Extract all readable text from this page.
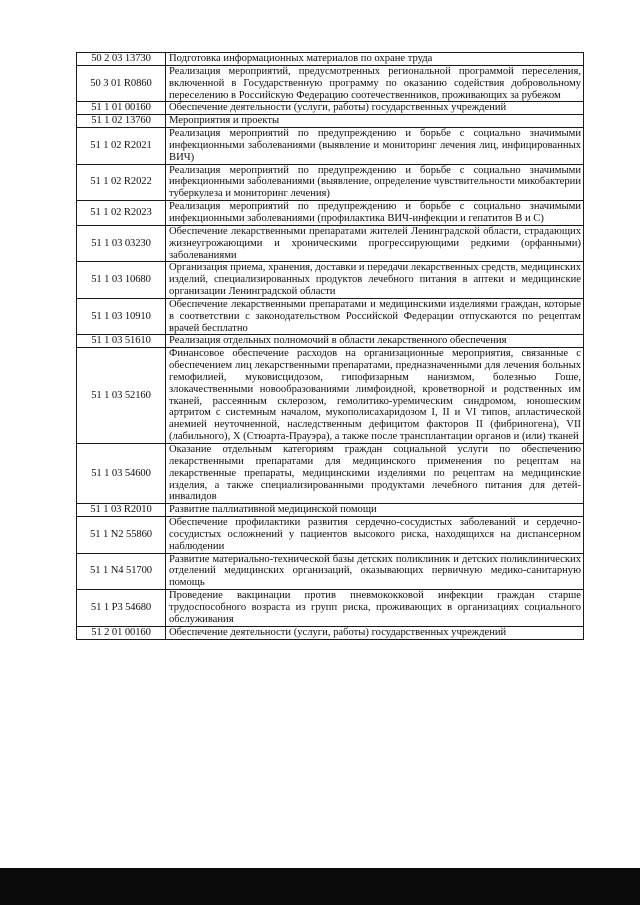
50 2 03 13730	Подготовка информационных материалов по охране труда
50 3 01 R0860	Реализация мероприятий, предусмотренных региональной программой переселения, включенной в Государственную программу по оказанию содействия добровольному переселению в Российскую Федерацию соотечественников, проживающих за рубежом
51 1 01 00160	Обеспечение деятельности (услуги, работы) государственных учреждений
51 1 02 13760	Мероприятия и проекты
51 1 02 R2021	Реализация мероприятий по предупреждению и борьбе с социально значимыми инфекционными заболеваниями (выявление и мониторинг лечения лиц, инфицированных ВИЧ)
51 1 02 R2022	Реализация мероприятий по предупреждению и борьбе с социально значимыми инфекционными заболеваниями (выявление, определение чувствительности микобактерии туберкулеза и мониторинг лечения)
51 1 02 R2023	Реализация мероприятий по предупреждению и борьбе с социально значимыми инфекционными заболеваниями (профилактика ВИЧ-инфекции и гепатитов В и С)
51 1 03 03230	Обеспечение лекарственными препаратами жителей Ленинградской области, страдающих жизнеугрожающими и хроническими прогрессирующими редкими (орфанными) заболеваниями
51 1 03 10680	Организация приема, хранения, доставки и передачи лекарственных средств, медицинских изделий, специализированных продуктов лечебного питания в аптеки и медицинские организации Ленинградской области
51 1 03 10910	Обеспечение лекарственными препаратами и медицинскими изделиями граждан, которые в соответствии с законодательством Российской Федерации отпускаются по рецептам врачей бесплатно
51 1 03 51610	Реализация отдельных полномочий в области лекарственного обеспечения
51 1 03 52160	Финансовое обеспечение расходов на организационные мероприятия, связанные с обеспечением лиц лекарственными препаратами, предназначенными для лечения больных гемофилией, муковисцидозом, гипофизарным нанизмом, болезнью Гоше, злокачественными новообразованиями лимфоидной, кроветворной и родственных им тканей, рассеянным склерозом, гемолитико-уремическим синдромом, юношеским артритом с системным началом, мукополисахаридозом I, II и VI типов, апластической анемией неуточненной, наследственным дефицитом факторов II (фибриногена), VII (лабильного), X (Стюарта-Прауэра), а также после трансплантации органов и (или) тканей
51 1 03 54600	Оказание отдельным категориям граждан социальной услуги по обеспечению лекарственными препаратами для медицинского применения по рецептам на лекарственные препараты, медицинскими изделиями по рецептам на медицинские изделия, а также специализированными продуктами лечебного питания для детей-инвалидов
51 1 03 R2010	Развитие паллиативной медицинской помощи
51 1 N2 55860	Обеспечение профилактики развития сердечно-сосудистых заболеваний и сердечно-сосудистых осложнений у пациентов высокого риска, находящихся на диспансерном наблюдении
51 1 N4 51700	Развитие материально-технической базы детских поликлиник и детских поликлинических отделений медицинских организаций, оказывающих первичную медико-санитарную помощь
51 1 P3 54680	Проведение вакцинации против пневмококковой инфекции граждан старше трудоспособного возраста из групп риска, проживающих в организациях социального обслуживания
51 2 01 00160	Обеспечение деятельности (услуги, работы) государственных учреждений
